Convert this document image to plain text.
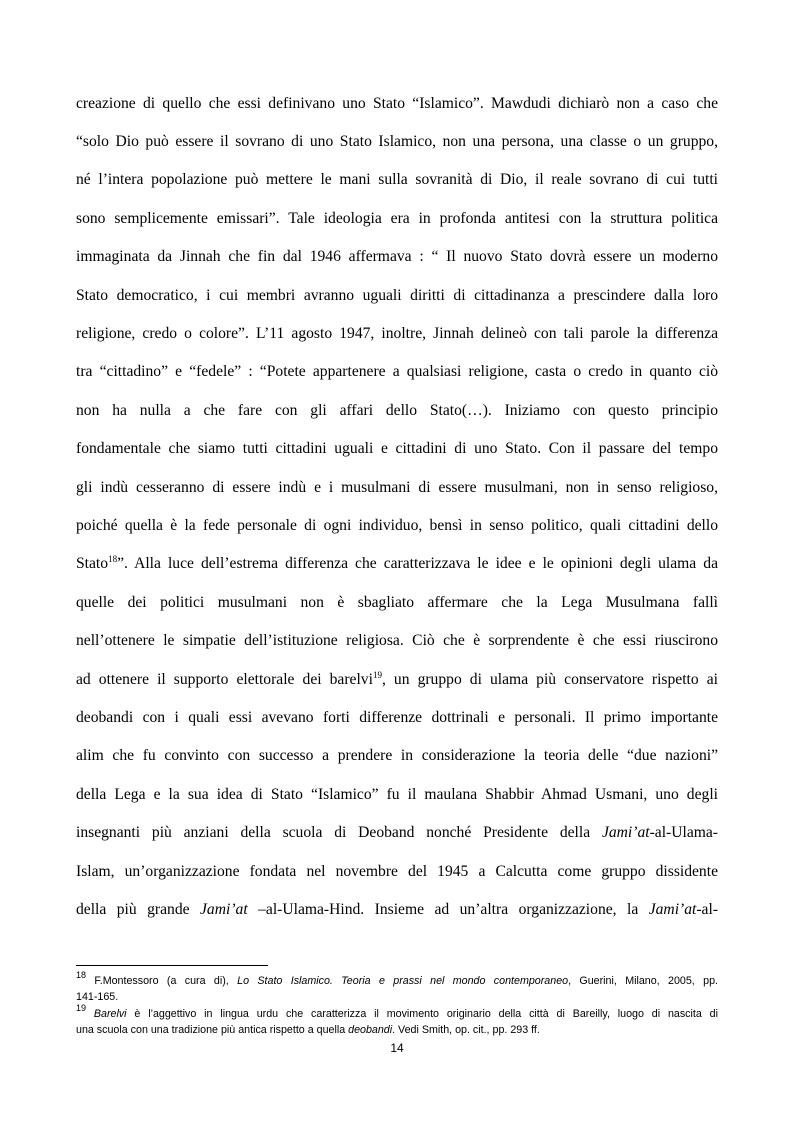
creazione di quello che essi definivano uno Stato “Islamico”. Mawdudi dichiarò non a caso che
“solo Dio può essere il sovrano di uno Stato Islamico, non una persona, una classe o un gruppo,
né l’intera popolazione può mettere le mani sulla sovranità di Dio, il reale sovrano di cui tutti
sono semplicemente emissari”. Tale ideologia era in profonda antitesi con la struttura politica
immaginata da Jinnah che fin dal 1946 affermava : “ Il nuovo Stato dovrà essere un moderno
Stato democratico, i cui membri avranno uguali diritti di cittadinanza a prescindere dalla loro
religione, credo o colore”. L’11 agosto 1947, inoltre, Jinnah delineò con tali parole la differenza
tra “cittadino” e “fedele” : “Potete appartenere a qualsiasi religione, casta o credo in quanto ciò
non ha nulla a che fare con gli affari dello Stato(…). Iniziamo con questo principio
fondamentale che siamo tutti cittadini uguali e cittadini di uno Stato. Con il passare del tempo
gli indù cesseranno di essere indù e i musulmani di essere musulmani, non in senso religioso,
poiché quella è la fede personale di ogni individuo, bensì in senso politico, quali cittadini dello
Stato$^{18}$”. Alla luce dell’estrema differenza che caratterizzava le idee e le opinioni degli ulama da
quelle dei politici musulmani non è sbagliato affermare che la Lega Musulmana fallì
nell’ottenere le simpatie dell’istituzione religiosa. Ciò che è sorprendente è che essi riuscirono
ad ottenere il supporto elettorale dei barelvi$^{19}$, un gruppo di ulama più conservatore rispetto ai
deobandi con i quali essi avevano forti differenze dottrinali e personali. Il primo importante
alim che fu convinto con successo a prendere in considerazione la teoria delle “due nazioni”
della Lega e la sua idea di Stato “Islamico” fu il maulana Shabbir Ahmad Usmani, uno degli
insegnanti più anziani della scuola di Deoband nonché Presidente della Jami’at-al-Ulama-
Islam, un’organizzazione fondata nel novembre del 1945 a Calcutta come gruppo dissidente
della più grande Jami’at –al-Ulama-Hind. Insieme ad un’altra organizzazione, la Jami’at-al-
$^{18}$ F.Montessoro (a cura di), Lo Stato Islamico. Teoria e prassi nel mondo contemporaneo, Guerini, Milano, 2005, pp.
141-165.
$^{19}$ Barelvi è l’aggettivo in lingua urdu che caratterizza il movimento originario della città di Bareilly, luogo di nascita di
una scuola con una tradizione più antica rispetto a quella deobandi. Vedi Smith, op. cit., pp. 293 ff.
14
